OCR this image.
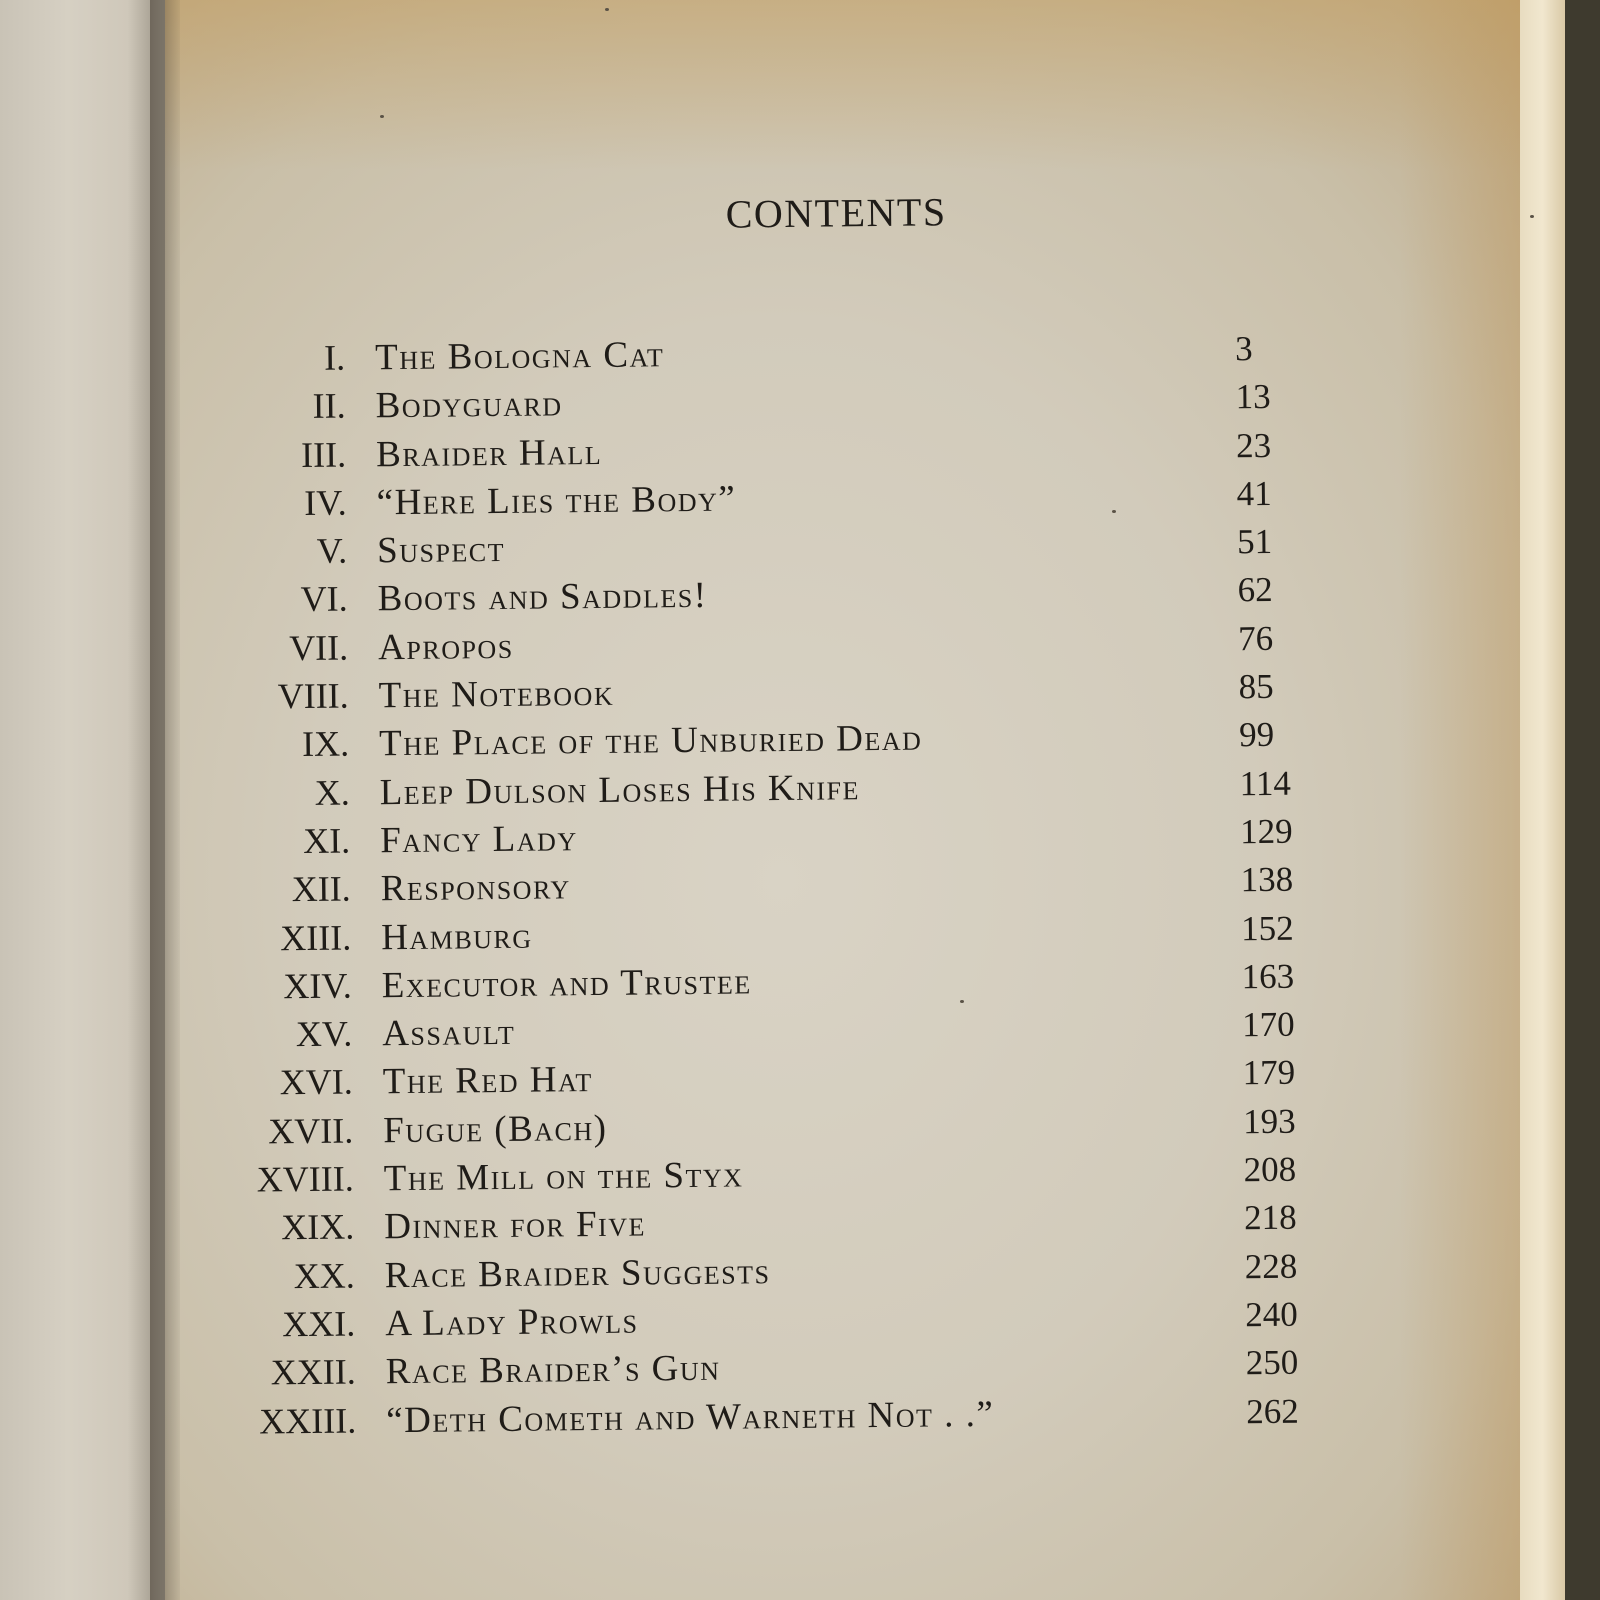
CONTENTS
I. The Bologna Cat	3
II. Bodyguard	13
III. Braider Hall	23
IV. “Here Lies the Body”	41
V. Suspect	51
VI. Boots and Saddles!	62
VII. Apropos	76
VIII. The Notebook	85
IX. The Place of the Unburied Dead	99
X. Leep Dulson Loses His Knife	114
XI. Fancy Lady	129
XII. Responsory	138
XIII. Hamburg	152
XIV. Executor and Trustee	163
XV. Assault	170
XVI. The Red Hat	179
XVII. Fugue (Bach)	193
XVIII. The Mill on the Styx	208
XIX. Dinner for Five	218
XX. Race Braider Suggests	228
XXI. A Lady Prowls	240
XXII. Race Braider’s Gun	250
XXIII. “Deth Cometh and Warneth Not . .”	262
